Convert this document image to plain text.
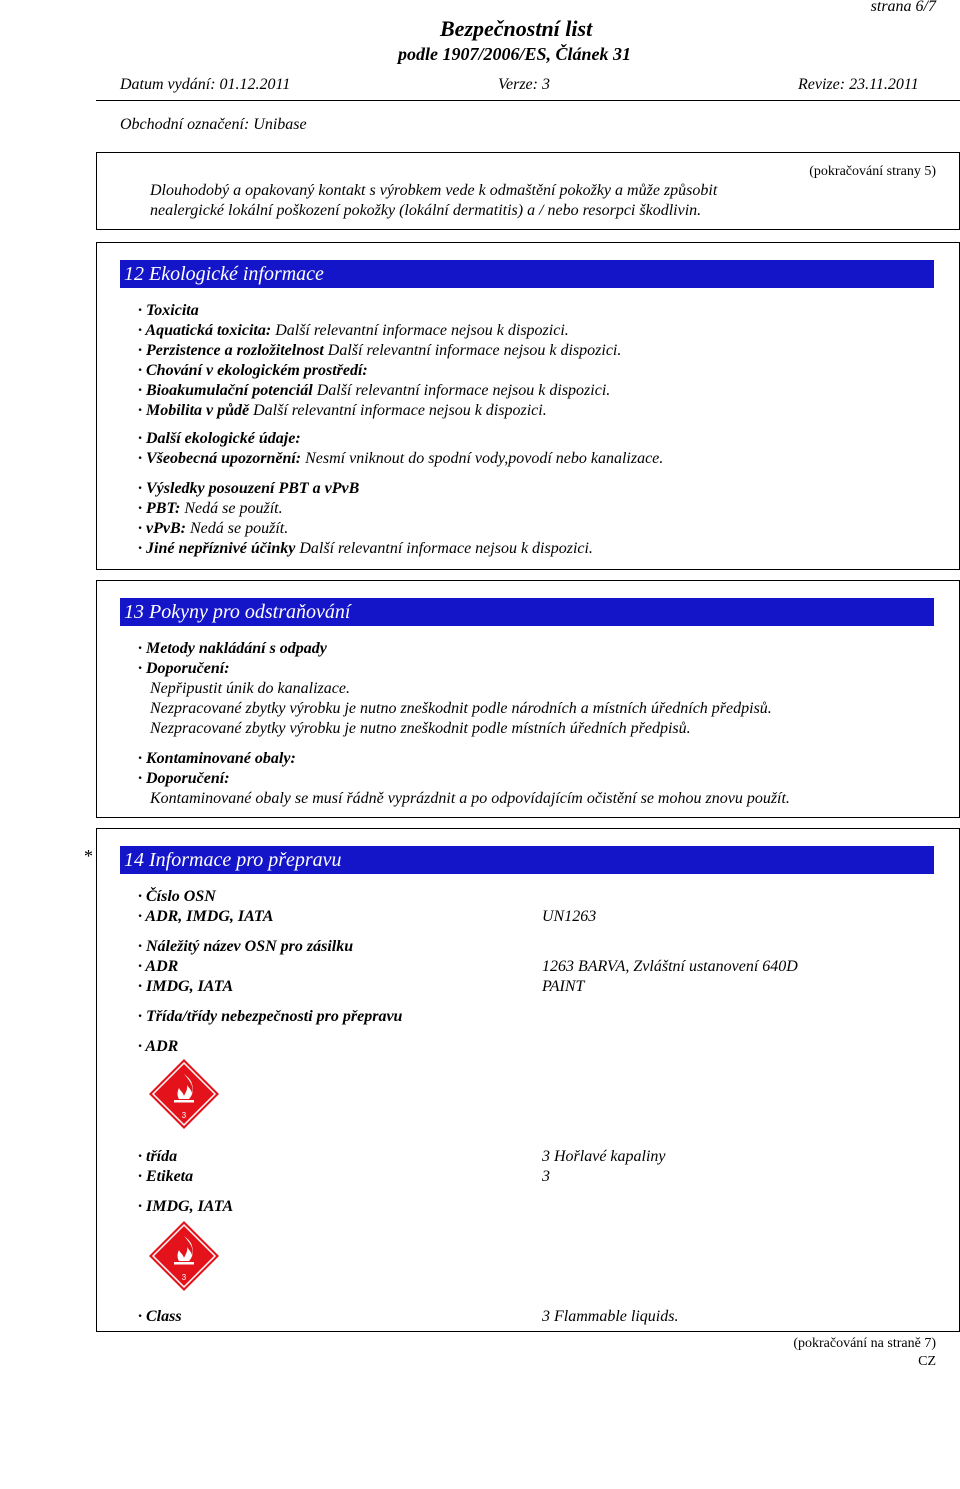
strana 6/7
Bezpečnostní list
podle 1907/2006/ES, Článek 31
Datum vydání: 01.12.2011	Verze: 3	Revize: 23.11.2011
Obchodní označení: Unibase
(pokračování strany 5)
Dlouhodobý a opakovaný kontakt s výrobkem vede k odmaštění pokožky a může způsobit
nealergické lokální poškození pokožky (lokální dermatitis) a / nebo resorpci škodlivin.
12 Ekologické informace
· Toxicita
· Aquatická toxicita: Další relevantní informace nejsou k dispozici.
· Perzistence a rozložitelnost Další relevantní informace nejsou k dispozici.
· Chování v ekologickém prostředí:
· Bioakumulační potenciál Další relevantní informace nejsou k dispozici.
· Mobilita v půdě Další relevantní informace nejsou k dispozici.
· Další ekologické údaje:
· Všeobecná upozornění: Nesmí vniknout do spodní vody,povodí nebo kanalizace.
· Výsledky posouzení PBT a vPvB
· PBT: Nedá se použít.
· vPvB: Nedá se použít.
· Jiné nepříznivé účinky Další relevantní informace nejsou k dispozici.
13 Pokyny pro odstraňování
· Metody nakládání s odpady
· Doporučení:
Nepřipustit únik do kanalizace.
Nezpracované zbytky výrobku je nutno zneškodnit podle národních a místních úředních předpisů.
Nezpracované zbytky výrobku je nutno zneškodnit podle místních úředních předpisů.
· Kontaminované obaly:
· Doporučení:
Kontaminované obaly se musí řádně vyprázdnit a po odpovídajícím očistění se mohou znovu použít.
* 14 Informace pro přepravu
· Číslo OSN
· ADR, IMDG, IATA	UN1263
· Náležitý název OSN pro zásilku
· ADR	1263 BARVA, Zvláštní ustanovení 640D
· IMDG, IATA	PAINT
· Třída/třídy nebezpečnosti pro přepravu
· ADR
3
· třída	3 Hořlavé kapaliny
· Etiketa	3
· IMDG, IATA
3
· Class	3 Flammable liquids.
(pokračování na straně 7)
CZ
